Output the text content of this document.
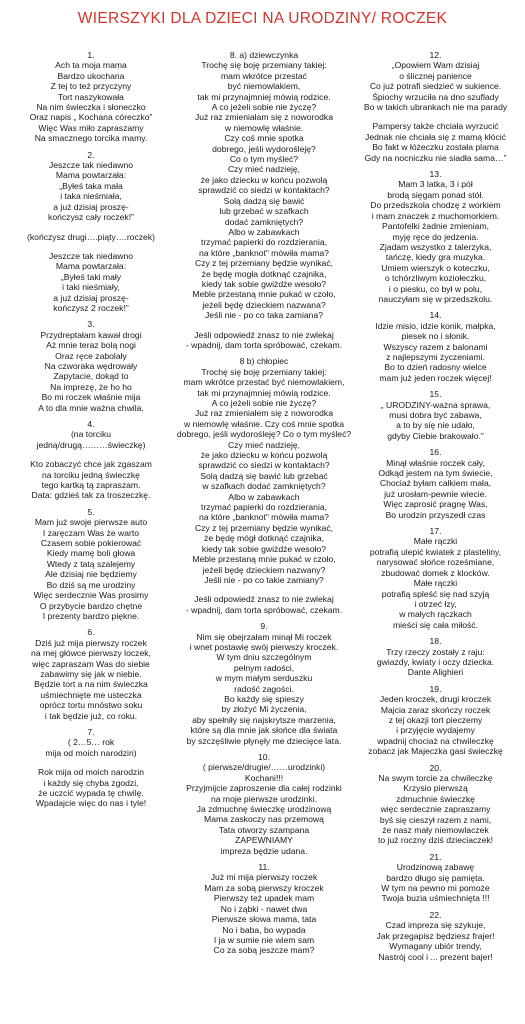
WIERSZYKI DLA DZIECI NA URODZINY/ ROCZEK
1.
Ach ta moja mama
Bardzo ukochana
Z tej to też przyczyny
Tort naszykowała
Na nim świeczka i słoneczko
Oraz napis „ Kochana córeczko”
Więc Was miło zapraszamy
Na smacznego torcika mamy.
2.
Jeszcze tak niedawno
Mama powtarzała:
„Byłeś taka mała
i taka nieśmiała,
a już dzisiaj proszę-
kończysz cały roczek!”
(kończysz drugi….piąty….roczek)
Jeszcze tak niedawno
Mama powtarzała:
„Byłeś taki mały
i taki nieśmiały,
a już dzisiaj proszę-
kończysz 2 roczek!”
3.
Przydreptałam kawał drogi
Aż mnie teraz bolą nogi
Oraz ręce zabolały
Na czworaka wędrowały
Zapytacie, dokąd to
Na imprezę, że ho ho
Bo mi roczek właśnie mija
A to dla mnie ważna chwila.
4.
(na torciku
jedną/drugą………świeczkę)
Kto zobaczyć chce jak zgaszam
na torciku jedną świeczkę
tego kartką tą zapraszam.
Data: gdzieś tak za troszeczkę.
5.
Mam już swoje pierwsze auto
I zaręczam Was że warto
Czasem sobie pokierować
Kiedy mamę boli głowa
Wtedy z tatą szalejemy
Ale dzisiaj nie będziemy
Bo dziś są me urodziny
Więc serdecznie Was prosimy
O przybycie bardzo chętne
I prezenty bardzo piękne.
6.
Dziś już mija pierwszy roczek
na mej główce pierwszy loczek,
więc zapraszam Was do siebie
zabawimy się jak w niebie.
Będzie tort a na nim świeczka
uśmiechnięte me usteczka
oprócz tortu mnóstwo soku
i tak będzie już, co roku.
7.
( 2…5… rok
mija od moich narodzin)
Rok mija od moich narodzin
i każdy się chyba zgodzi,
że uczcić wypada tę chwilę.
Wpadajcie więc do nas i tyle!
8. a) dziewczynka
Trochę się boję przemiany takiej:
mam wkrótce przestać
być niemowlakiem,
tak mi przynajmniej mówią rodzice.
A co jeżeli sobie nie życzę?
Już raz zmieniałam się z noworodka
w niemowlę właśnie.
Czy coś mnie spotka
dobrego, jeśli wydorośleję?
Co o tym myśleć?
Czy mieć nadzieję,
że jako dziecku w końcu pozwolą
sprawdzić co siedzi w kontaktach?
Solą dadzą się bawić
lub grzebać w szafkach
dodać zamkniętych?
Albo w zabawkach
trzymać papierki do rozdzierania,
na które „banknot” mówiła mama?
Czy z tej przemiany będzie wynikać,
że będę mogła dotknąć czajnika,
kiedy tak sobie gwiżdże wesoło?
Meble przestaną mnie pukać w czoło,
jeżeli będę dzieckiem nazwana?
Jeśli nie - po co taka zamiana?
Jeśli odpowiedź znasz to nie zwlekaj
- wpadnij, dam torta spróbować, czekam.
8 b) chłopiec
Trochę się boję przemiany takiej:
mam wkrótce przestać być niemowlakiem,
tak mi przynajmniej mówią rodzice.
A co jeżeli sobie nie życzę?
Już raz zmieniałem się z noworodka
w niemowlę właśnie. Czy coś mnie spotka
dobrego, jeśli wydorośleję? Co o tym myśleć?
Czy mieć nadzieję,
że jako dziecku w końcu pozwolą
sprawdzić co siedzi w kontaktach?
Solą dadzą się bawić lub grzebać
w szafkach dodać zamkniętych?
Albo w zabawkach
trzymać papierki do rozdzierania,
na które „banknot” mówiła mama?
Czy z tej przemiany będzie wynikać,
że będę mógł dotknąć czajnika,
kiedy tak sobie gwiżdże wesoło?
Meble przestaną mnie pukać w czoło,
jeżeli będę dzieckiem nazwany?
Jeśli nie - po co takie zamiany?
Jeśli odpowiedź znasz to nie zwlekaj
- wpadnij, dam torta spróbować, czekam.
9.
Nim się obejrzałam minął Mi roczek
i wnet postawię swój pierwszy kroczek.
W tym dniu szczególnym
pełnym radości,
w mym małym serduszku
radość zagości.
Bo każdy się spieszy
by złożyć Mi życzenia,
aby spełniły się najskrytsze marzenia,
które są dla mnie jak słońce dla świata
by szczęśliwie płynęły me dziecięce lata.
10.
( pierwsze/drugie/……urodzinki)
Kochani!!!
Przyjmijcie zaproszenie dla całej rodzinki
na moje pierwsze urodzinki.
Ja zdmuchnę świeczkę urodzinową
Mama zaskoczy nas przemową
Tata otworzy szampana
ZAPEWNIAMY
impreza będzie udana.
11.
Już mi mija pierwszy roczek
Mam za sobą pierwszy kroczek
Pierwszy też upadek mam
No i ząbki - nawet dwa
Pierwsze słowa mama, tata
No i baba, bo wypada
I ja w sumie nie wiem sam
Co za sobą jeszcze mam?
12.
„Opowiem Wam dzisiaj
o ślicznej panience
Co już potrafi siedzieć w sukience.
Śpiochy wrzuciła na dno szuflady
Bo w takich ubrankach nie ma parady
Pampersy także chciała wyrzucić
Jednak nie chciała się z mamą kłócić
Bo fakt w łóżeczku została plama
Gdy na nocniczku nie siadła sama…”
13.
Mam 3 latka, 3 i pół
brodą sięgam ponad stół.
Do przedszkola chodzę z workiem
i mam znaczek z muchomorkiem.
Pantofelki żadnie zmieniam,
myję ręce do jedzenia.
Zjadam wszystko z talerzyka,
tańczę, kiedy gra muzyka.
Umiem wierszyk o koteczku,
o tchórzliwym koziołeczku,
i o piesku, co był w polu,
nauczyłam się w przedszkolu.
14.
Idzie misio, idzie konik, małpka,
piesek no i słonik.
Wszyscy razem z balonami
z najlepszymi życzeniami.
Bo to dzień radosny wielce
mam już jeden roczek więcej!
15.
„ URODZINY-ważna sprawa,
musi dobra być zabawa,
a to by się nie udało,
gdyby Ciebie brakowało.”
16.
Minął właśnie roczek cały,
Odkąd jestem na tym świecie,
Chociaż byłam całkiem mała,
już urosłam-pewnie wiecie.
Więc zaprosić pragnę Was,
Bo urodzin przyszedł czas
17.
Małe rączki
potrafią ulepić kwiatek z plasteliny,
narysować słońce roześmiane,
zbudować domek z klocków.
Małe rączki
potrafią spleść się nad szyją
i otrzeć łzy,
w małych rączkach
mieści się cała miłość.
18.
Trzy rzeczy zostały z raju:
gwiazdy, kwiaty i oczy dziecka.
Dante Alighieri
19.
Jeden kroczek, drugi kroczek
Majcia zaraz skończy roczek
z tej okazji tort pieczemy
i przyjęcie wydajemy
wpadnij chociaż na chwileczkę
zobacz jak Majeczka gasi świeczkę
20.
Na swym torcie za chwileczkę
Krzysio pierwszą
zdmuchnie świeczkę
więc serdecznie zapraszamy
byś się cieszył razem z nami,
że nasz mały niemowlaczek
to już roczny dziś dzieciaczek!
21.
Urodzinową zabawę
bardzo długo się pamięta.
W tym na pewno mi pomoże
Twoja buzia uśmiechnięta !!!
22.
Czad impreza się szykuje,
Jak przegapisz będziesz frajer!
Wymagany ubiór trendy,
Nastrój cool i ... prezent bajer!
